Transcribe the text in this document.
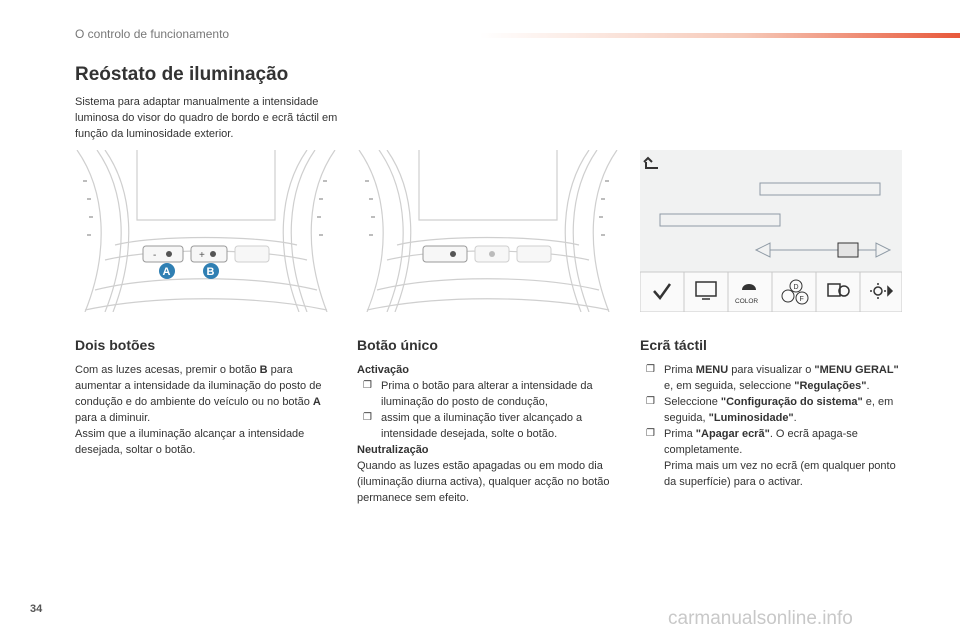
O controlo de funcionamento
Reóstato de iluminação
Sistema para adaptar manualmente a intensidade luminosa do visor do quadro de bordo e ecrã táctil em função da luminosidade exterior.
-	+
A	B
COLOR
D
F
Dois botões

Com as luzes acesas, premir o botão B para aumentar a intensidade da iluminação do posto de condução e do ambiente do veículo ou no botão A para a diminuir.

Assim que a iluminação alcançar a intensidade desejada, soltar o botão.

Botão único

Activação

❐ Prima o botão para alterar a intensidade da iluminação do posto de condução,

❐ assim que a iluminação tiver alcançado a intensidade desejada, solte o botão.

Neutralização

Quando as luzes estão apagadas ou em modo dia (iluminação diurna activa), qualquer acção no botão permanece sem efeito.

Ecrã táctil

❐ Prima MENU para visualizar o "MENU GERAL" e, em seguida, seleccione "Regulações".

❐ Seleccione "Configuração do sistema" e, em seguida, "Luminosidade".

❐ Prima "Apagar ecrã". O ecrã apaga-se completamente.

Prima mais um vez no ecrã (em qualquer ponto da superfície) para o activar.

34	carmanualsonline.info
